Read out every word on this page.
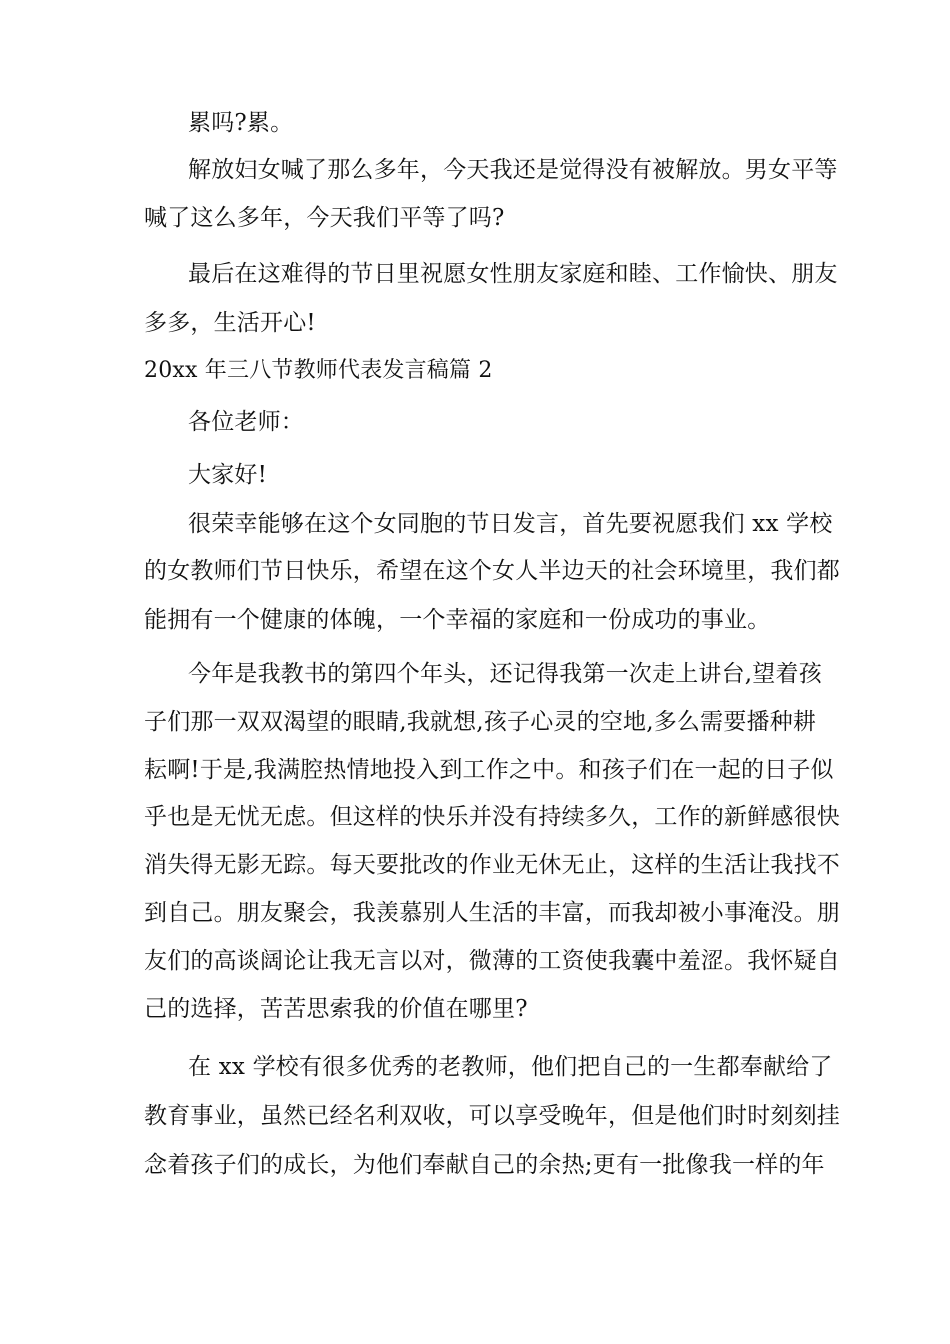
累吗?累。
解放妇女喊了那么多年，今天我还是觉得没有被解放。男女平等
喊了这么多年，今天我们平等了吗?
最后在这难得的节日里祝愿女性朋友家庭和睦、工作愉快、朋友
多多，生活开心!
20xx 年三八节教师代表发言稿篇 2
各位老师：
大家好!
很荣幸能够在这个女同胞的节日发言，首先要祝愿我们 xx 学校
的女教师们节日快乐，希望在这个女人半边天的社会环境里，我们都
能拥有一个健康的体魄，一个幸福的家庭和一份成功的事业。
今年是我教书的第四个年头，还记得我第一次走上讲台,望着孩
子们那一双双渴望的眼睛,我就想,孩子心灵的空地,多么需要播种耕
耘啊!于是,我满腔热情地投入到工作之中。和孩子们在一起的日子似
乎也是无忧无虑。但这样的快乐并没有持续多久，工作的新鲜感很快
消失得无影无踪。每天要批改的作业无休无止，这样的生活让我找不
到自己。朋友聚会，我羡慕别人生活的丰富，而我却被小事淹没。朋
友们的高谈阔论让我无言以对，微薄的工资使我囊中羞涩。我怀疑自
己的选择，苦苦思索我的价值在哪里?
在 xx 学校有很多优秀的老教师，他们把自己的一生都奉献给了
教育事业，虽然已经名利双收，可以享受晚年，但是他们时时刻刻挂
念着孩子们的成长，为他们奉献自己的余热;更有一批像我一样的年
